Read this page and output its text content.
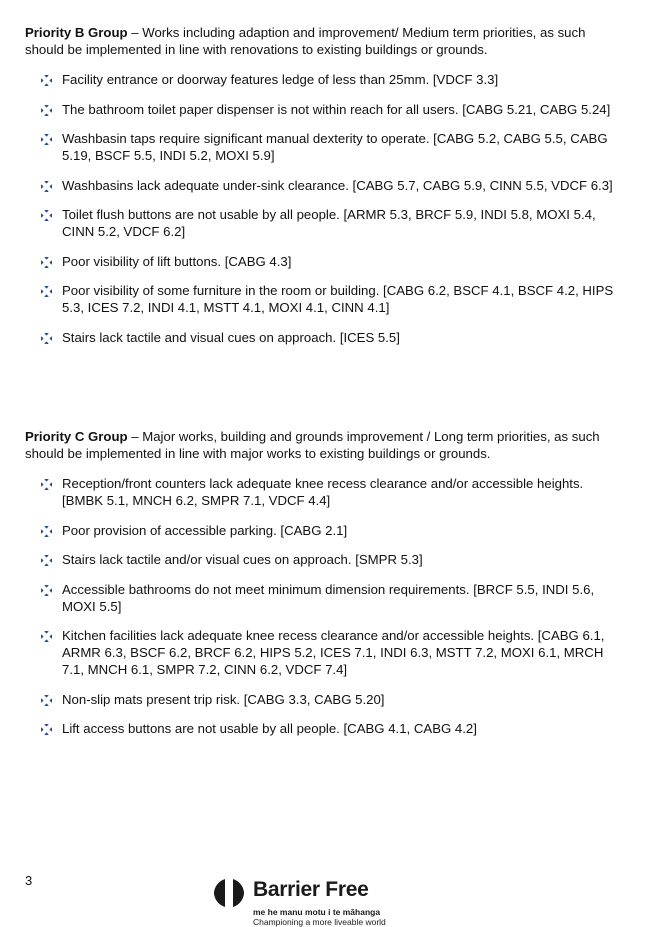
Priority B Group – Works including adaption and improvement/ Medium term priorities, as such should be implemented in line with renovations to existing buildings or grounds.

Facility entrance or doorway features ledge of less than 25mm. [VDCF 3.3]
The bathroom toilet paper dispenser is not within reach for all users. [CABG 5.21, CABG 5.24]
Washbasin taps require significant manual dexterity to operate. [CABG 5.2, CABG 5.5, CABG 5.19, BSCF 5.5, INDI 5.2, MOXI 5.9]
Washbasins lack adequate under-sink clearance. [CABG 5.7, CABG 5.9, CINN 5.5, VDCF 6.3]
Toilet flush buttons are not usable by all people. [ARMR 5.3, BRCF 5.9, INDI 5.8, MOXI 5.4, CINN 5.2, VDCF 6.2]
Poor visibility of lift buttons. [CABG 4.3]
Poor visibility of some furniture in the room or building. [CABG 6.2, BSCF 4.1, BSCF 4.2, HIPS 5.3, ICES 7.2, INDI 4.1, MSTT 4.1, MOXI 4.1, CINN 4.1]
Stairs lack tactile and visual cues on approach. [ICES 5.5]

Priority C Group – Major works, building and grounds improvement / Long term priorities, as such should be implemented in line with major works to existing buildings or grounds.

Reception/front counters lack adequate knee recess clearance and/or accessible heights. [BMBK 5.1, MNCH 6.2, SMPR 7.1, VDCF 4.4]
Poor provision of accessible parking. [CABG 2.1]
Stairs lack tactile and/or visual cues on approach. [SMPR 5.3]
Accessible bathrooms do not meet minimum dimension requirements. [BRCF 5.5, INDI 5.6, MOXI 5.5]
Kitchen facilities lack adequate knee recess clearance and/or accessible heights. [CABG 6.1, ARMR 6.3, BSCF 6.2, BRCF 6.2, HIPS 5.2, ICES 7.1, INDI 6.3, MSTT 7.2, MOXI 6.1, MRCH 7.1, MNCH 6.1, SMPR 7.2, CINN 6.2, VDCF 7.4]
Non-slip mats present trip risk. [CABG 3.3, CABG 5.20]
Lift access buttons are not usable by all people. [CABG 4.1, CABG 4.2]
3	Barrier Free
me he manu motu i te māhanga
Championing a more liveable world
